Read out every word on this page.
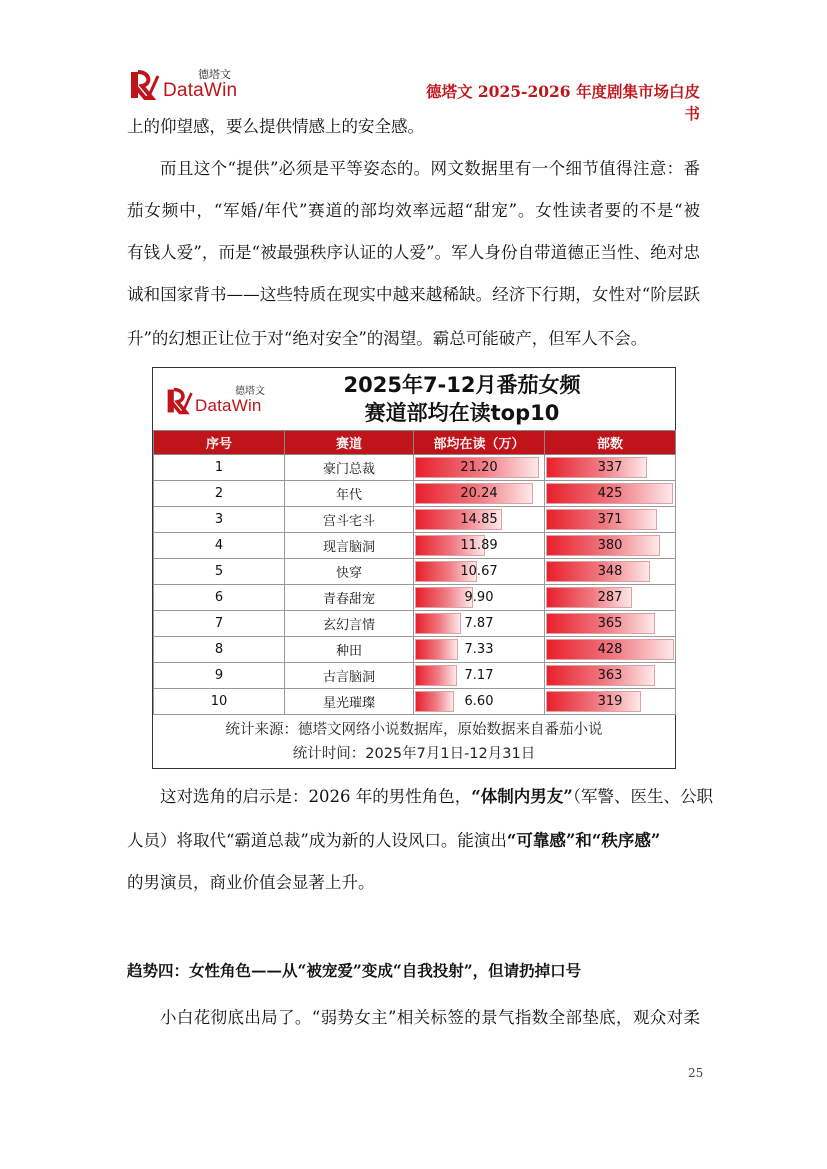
德塔文
DataWin	德塔文 2025-2026 年度剧集市场白皮书
上的仰望感，要么提供情感上的安全感。
而且这个“提供”必须是平等姿态的。网文数据里有一个细节值得注意：番
茄女频中，“军婚/年代”赛道的部均效率远超“甜宠”。女性读者要的不是“被
有钱人爱”，而是“被最强秩序认证的人爱”。军人身份自带道德正当性、绝对忠
诚和国家背书——这些特质在现实中越来越稀缺。经济下行期，女性对“阶层跃
升”的幻想正让位于对“绝对安全”的渴望。霸总可能破产，但军人不会。
德塔文
DataWin
2025年7-12月番茄女频
赛道部均在读top10
序号	赛道	部均在读（万）	部数
1	豪门总裁	21.20	337
2	年代	20.24	425
3	宫斗宅斗	14.85	371
4	现言脑洞	11.89	380
5	快穿	10.67	348
6	青春甜宠	9.90	287
7	玄幻言情	7.87	365
8	种田	7.33	428
9	古言脑洞	7.17	363
10	星光璀璨	6.60	319
统计来源：德塔文网络小说数据库，原始数据来自番茄小说
统计时间：2025年7月1日-12月31日
这对选角的启示是：2026 年的男性角色，“体制内男友”（军警、医生、公职
人员）将取代“霸道总裁”成为新的人设风口。能演出“可靠感”和“秩序感”
的男演员，商业价值会显著上升。
趋势四：女性角色——从“被宠爱”变成“自我投射”，但请扔掉口号
小白花彻底出局了。“弱势女主”相关标签的景气指数全部垫底，观众对柔
25
